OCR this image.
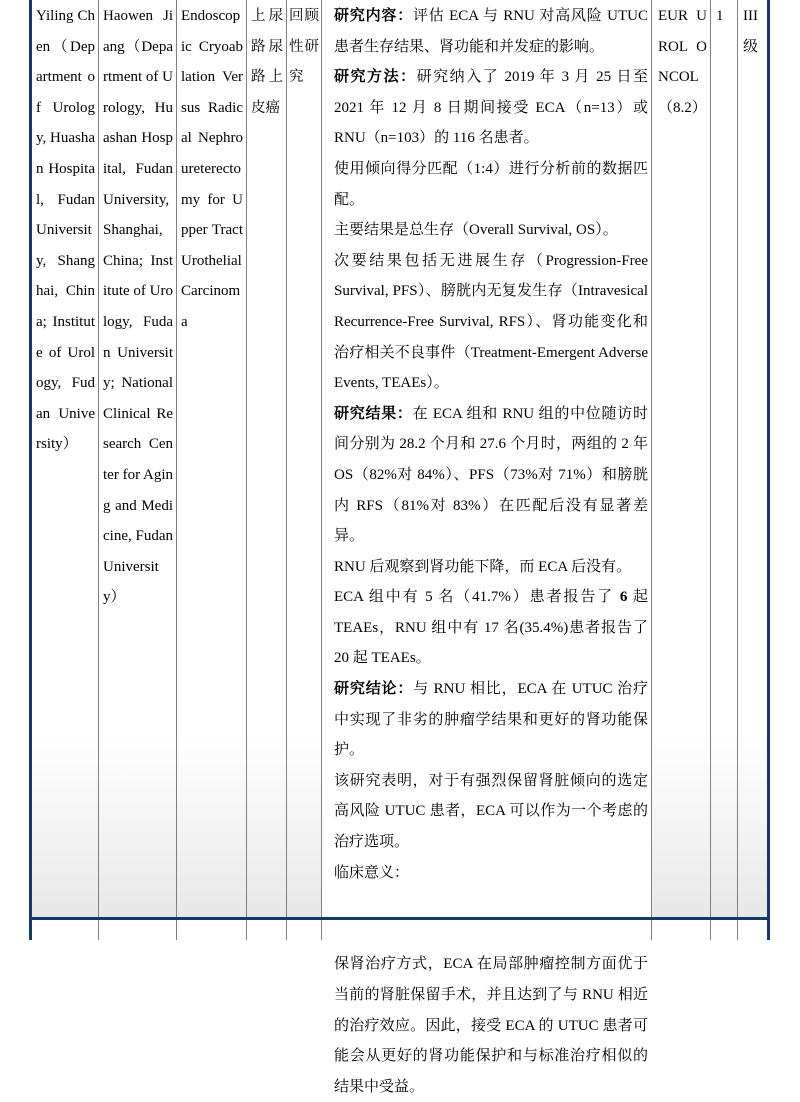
Yiling Chen（Department of Urology, Huashan Hospital, Fudan University, Shanghai, China; Institute of Urology, Fudan University）
Haowen Jiang（Department of Urology, Huashan Hospital, Fudan University, Shanghai, China; Institute of Urology, Fudan University; National Clinical Research Center for Aging and Medicine, Fudan University）
Endoscopic Cryoablation Versus Radical Nephroureterectomy for Upper Tract Urothelial Carcinoma
上尿路尿路上皮癌
回顾性研究
研究内容：评估 ECA 与 RNU 对高风险 UTUC 患者生存结果、肾功能和并发症的影响。
研究方法：研究纳入了 2019 年 3 月 25 日至 2021 年 12 月 8 日期间接受 ECA（n=13）或 RNU（n=103）的 116 名患者。
使用倾向得分匹配（1:4）进行分析前的数据匹配。
主要结果是总生存（Overall Survival, OS）。
次要结果包括无进展生存（Progression-Free Survival, PFS）、膀胱内无复发生存（Intravesical Recurrence-Free Survival, RFS）、肾功能变化和治疗相关不良事件（Treatment-Emergent Adverse Events, TEAEs）。
研究结果：在 ECA 组和 RNU 组的中位随访时间分别为 28.2 个月和 27.6 个月时，两组的 2 年 OS（82%对 84%）、PFS（73%对 71%）和膀胱内 RFS（81%对 83%）在匹配后没有显著差异。
RNU 后观察到肾功能下降，而 ECA 后没有。
ECA 组中有 5 名（41.7%）患者报告了 6 起 TEAEs，RNU 组中有 17 名(35.4%)患者报告了 20 起 TEAEs。
研究结论：与 RNU 相比，ECA 在 UTUC 治疗中实现了非劣的肿瘤学结果和更好的肾功能保护。
该研究表明，对于有强烈保留肾脏倾向的选定高风险 UTUC 患者，ECA 可以作为一个考虑的治疗选项。
临床意义：

保肾治疗方式，ECA 在局部肿瘤控制方面优于当前的肾脏保留手术，并且达到了与 RNU 相近的治疗效应。因此，接受 ECA 的 UTUC 患者可能会从更好的肾功能保护和与标准治疗相似的结果中受益。
EUR UROL ONCOL（8.2）
1	III 级
